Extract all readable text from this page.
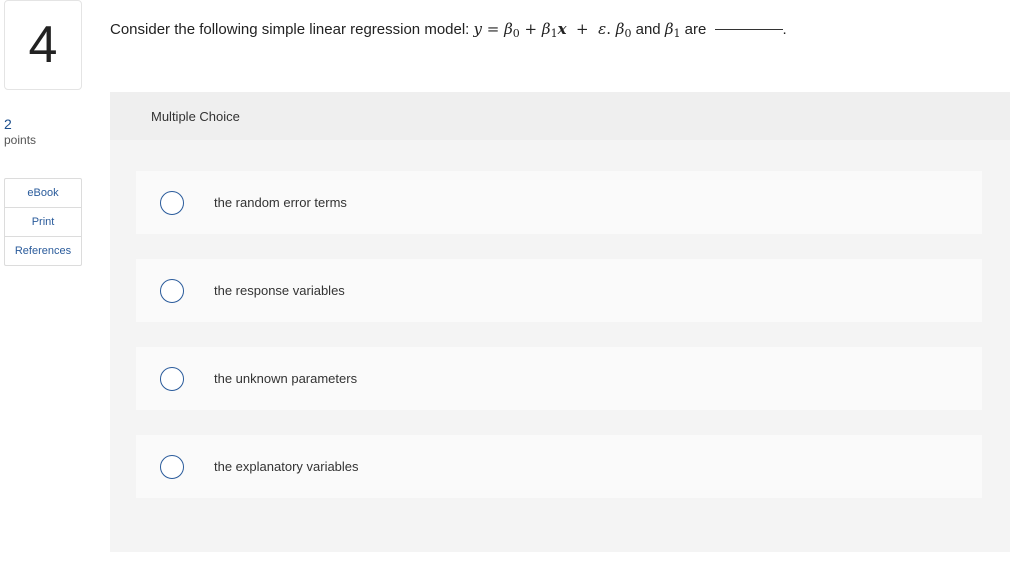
4
2
points
eBook
Print
References
Consider the following simple linear regression model: $y = \beta_0 + \beta_1x + \varepsilon$. $\beta_0$ and $\beta_1$ are	.
Multiple Choice
the random error terms
the response variables
the unknown parameters
the explanatory variables
